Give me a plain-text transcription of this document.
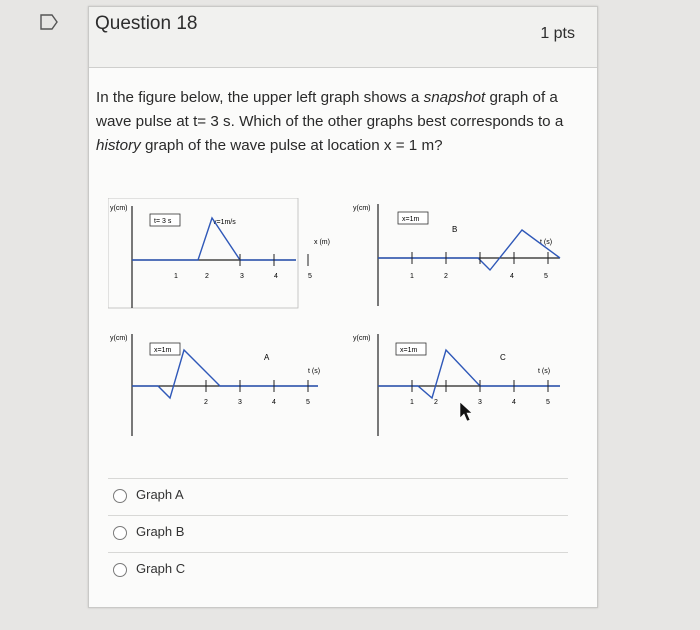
Question 18	1 pts
In the figure below, the upper left graph shows a snapshot graph of a wave pulse at t= 3 s. Which of the other graphs best corresponds to a history graph of the wave pulse at location x = 1 m?
y(cm)
t= 3 s	v=1m/s
x (m)
1	2	3	4	5
y(cm)
x=1m
B
t (s)
1	2	4	5
y(cm)
x=1m
A
t (s)
2	3	4	5
y(cm)
x=1m
C
t (s)
1	2	3	4	5
Graph A
Graph B
Graph C
